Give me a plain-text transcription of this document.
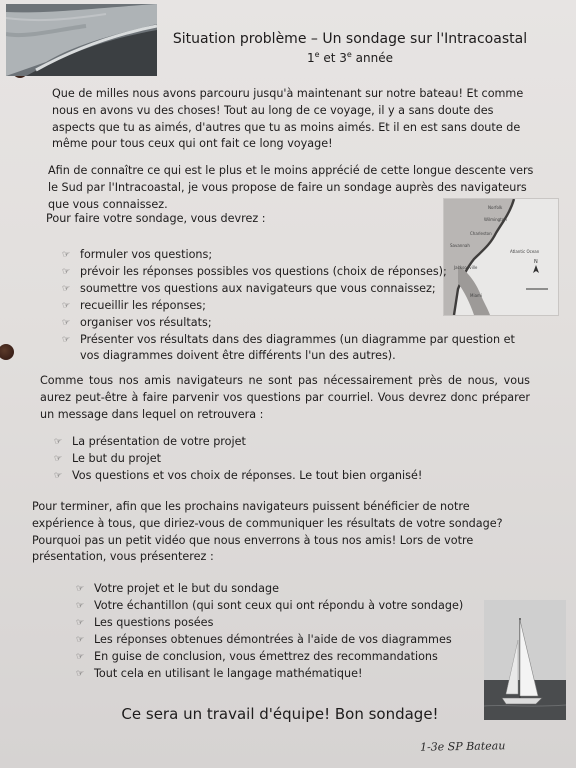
Situation problème – Un sondage sur l'Intracoastal
1e et 3e année

Que de milles nous avons parcouru jusqu'à maintenant sur notre bateau! Et comme nous en avons vu des choses! Tout au long de ce voyage, il y a sans doute des aspects que tu as aimés, d'autres que tu as moins aimés. Et il en est sans doute de même pour tous ceux qui ont fait ce long voyage!

Afin de connaître ce qui est le plus et le moins apprécié de cette longue descente vers le Sud par l'Intracoastal, je vous propose de faire un sondage auprès des navigateurs que vous connaissez.

Pour faire votre sondage, vous devrez :

Norfolk
Wilmington
Charleston
Savannah
Jacksonville
Atlantic Ocean
Miami
N
☞ formuler vos questions;
☞ prévoir les réponses possibles vos questions (choix de réponses);
☞ soumettre vos questions aux navigateurs que vous connaissez;
☞ recueillir les réponses;
☞ organiser vos résultats;
☞ Présenter vos résultats dans des diagrammes (un diagramme par question et vos diagrammes doivent être différents l'un des autres).

Comme tous nos amis navigateurs ne sont pas nécessairement près de nous, vous aurez peut-être à faire parvenir vos questions par courriel. Vous devrez donc préparer un message dans lequel on retrouvera :

☞ La présentation de votre projet
☞ Le but du projet
☞ Vos questions et vos choix de réponses. Le tout bien organisé!

Pour terminer, afin que les prochains navigateurs puissent bénéficier de notre expérience à tous, que diriez-vous de communiquer les résultats de votre sondage? Pourquoi pas un petit vidéo que nous enverrons à tous nos amis! Lors de votre présentation, vous présenterez :

☞ Votre projet et le but du sondage
☞ Votre échantillon (qui sont ceux qui ont répondu à votre sondage)
☞ Les questions posées
☞ Les réponses obtenues démontrées à l'aide de vos diagrammes
☞ En guise de conclusion, vous émettrez des recommandations
☞ Tout cela en utilisant le langage mathématique!
Ce sera un travail d'équipe! Bon sondage!
1-3e SP Bateau
